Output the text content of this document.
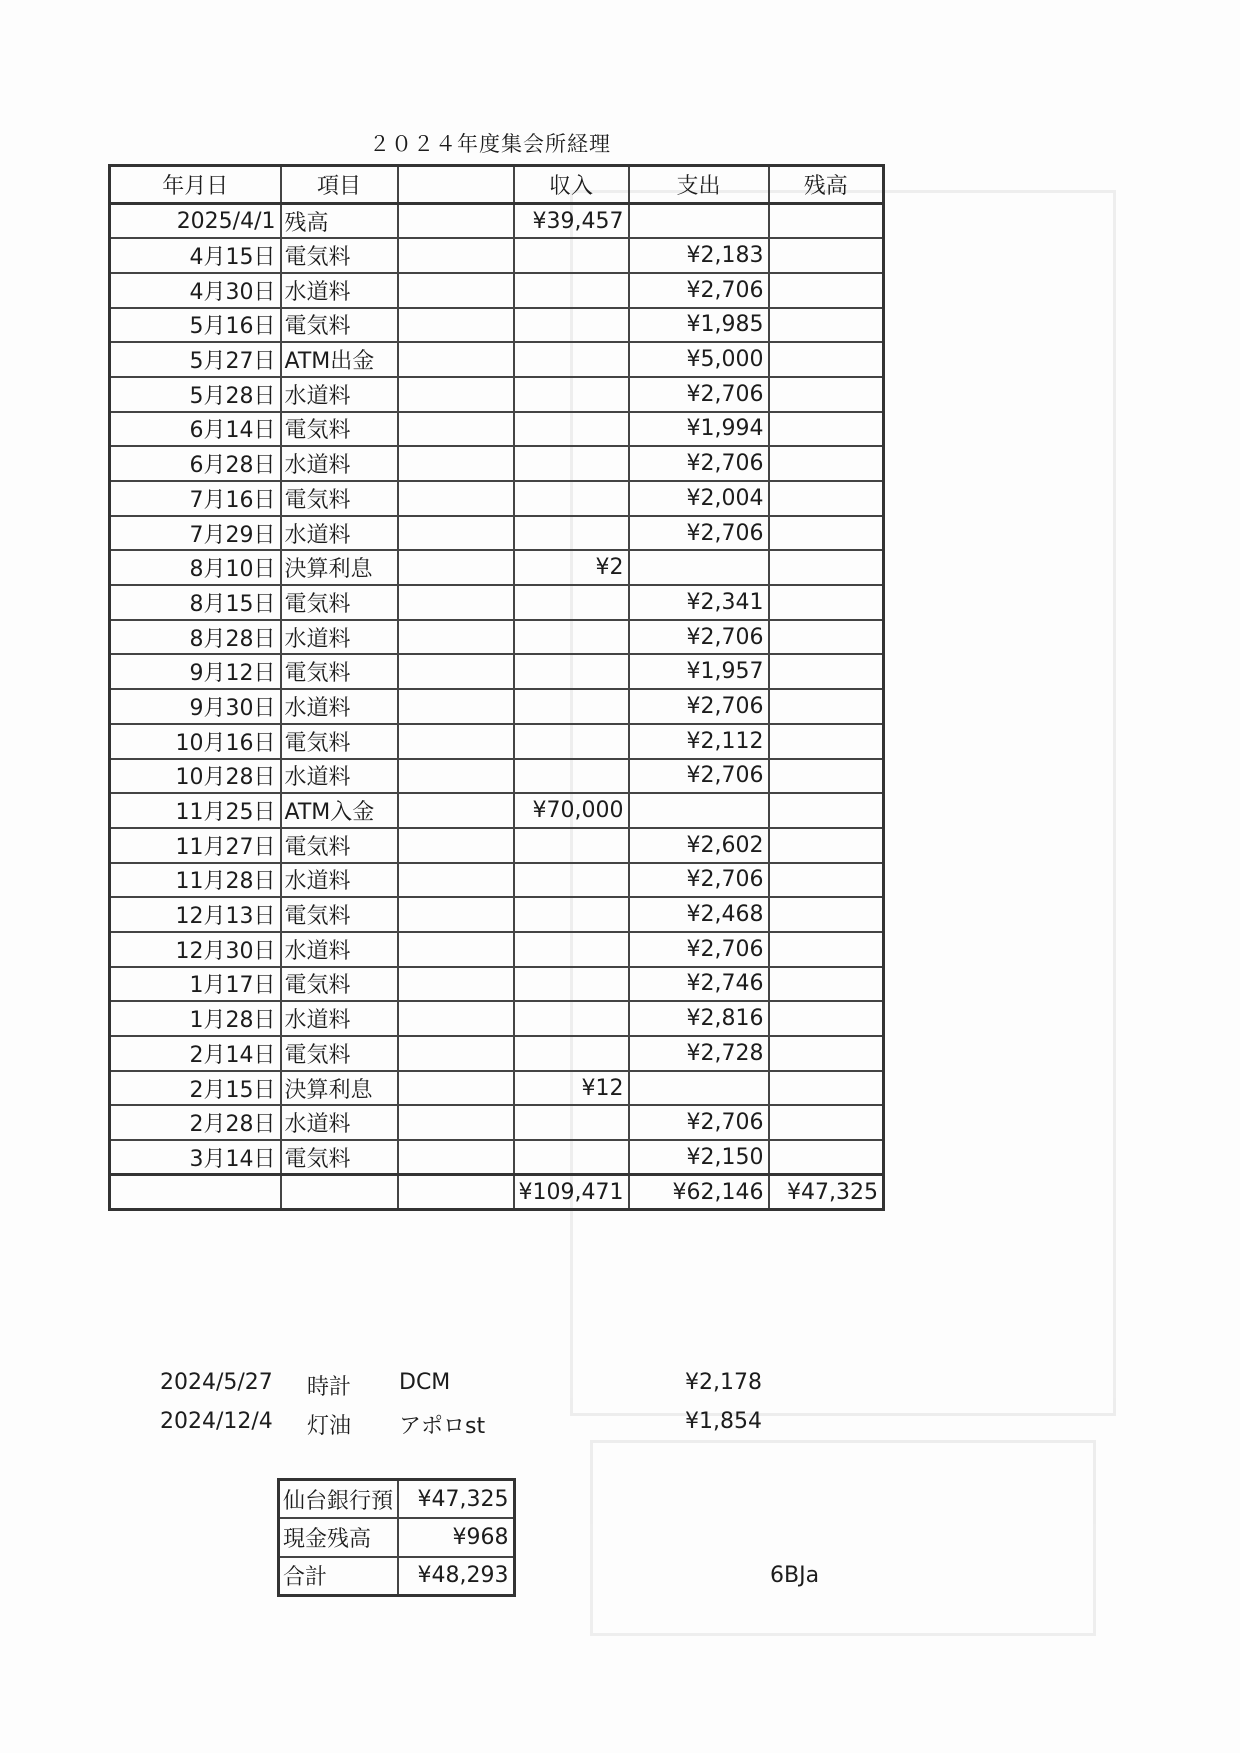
２０２４年度集会所経理
年月日	項目		収入	支出	残高
2025/4/1	残高		¥39,457		
4月15日	電気料			¥2,183	
4月30日	水道料			¥2,706	
5月16日	電気料			¥1,985	
5月27日	ATM出金			¥5,000	
5月28日	水道料			¥2,706	
6月14日	電気料			¥1,994	
6月28日	水道料			¥2,706	
7月16日	電気料			¥2,004	
7月29日	水道料			¥2,706	
8月10日	決算利息		¥2		
8月15日	電気料			¥2,341	
8月28日	水道料			¥2,706	
9月12日	電気料			¥1,957	
9月30日	水道料			¥2,706	
10月16日	電気料			¥2,112	
10月28日	水道料			¥2,706	
11月25日	ATM入金		¥70,000		
11月27日	電気料			¥2,602	
11月28日	水道料			¥2,706	
12月13日	電気料			¥2,468	
12月30日	水道料			¥2,706	
1月17日	電気料			¥2,746	
1月28日	水道料			¥2,816	
2月14日	電気料			¥2,728	
2月15日	決算利息		¥12		
2月28日	水道料			¥2,706	
3月14日	電気料			¥2,150	
			¥109,471	¥62,146	¥47,325
2024/5/27 時計 DCM	¥2,178
2024/12/4 灯油 アポロst	¥1,854
仙台銀行預	¥47,325
現金残高	¥968
合計	¥48,293	6BJa
